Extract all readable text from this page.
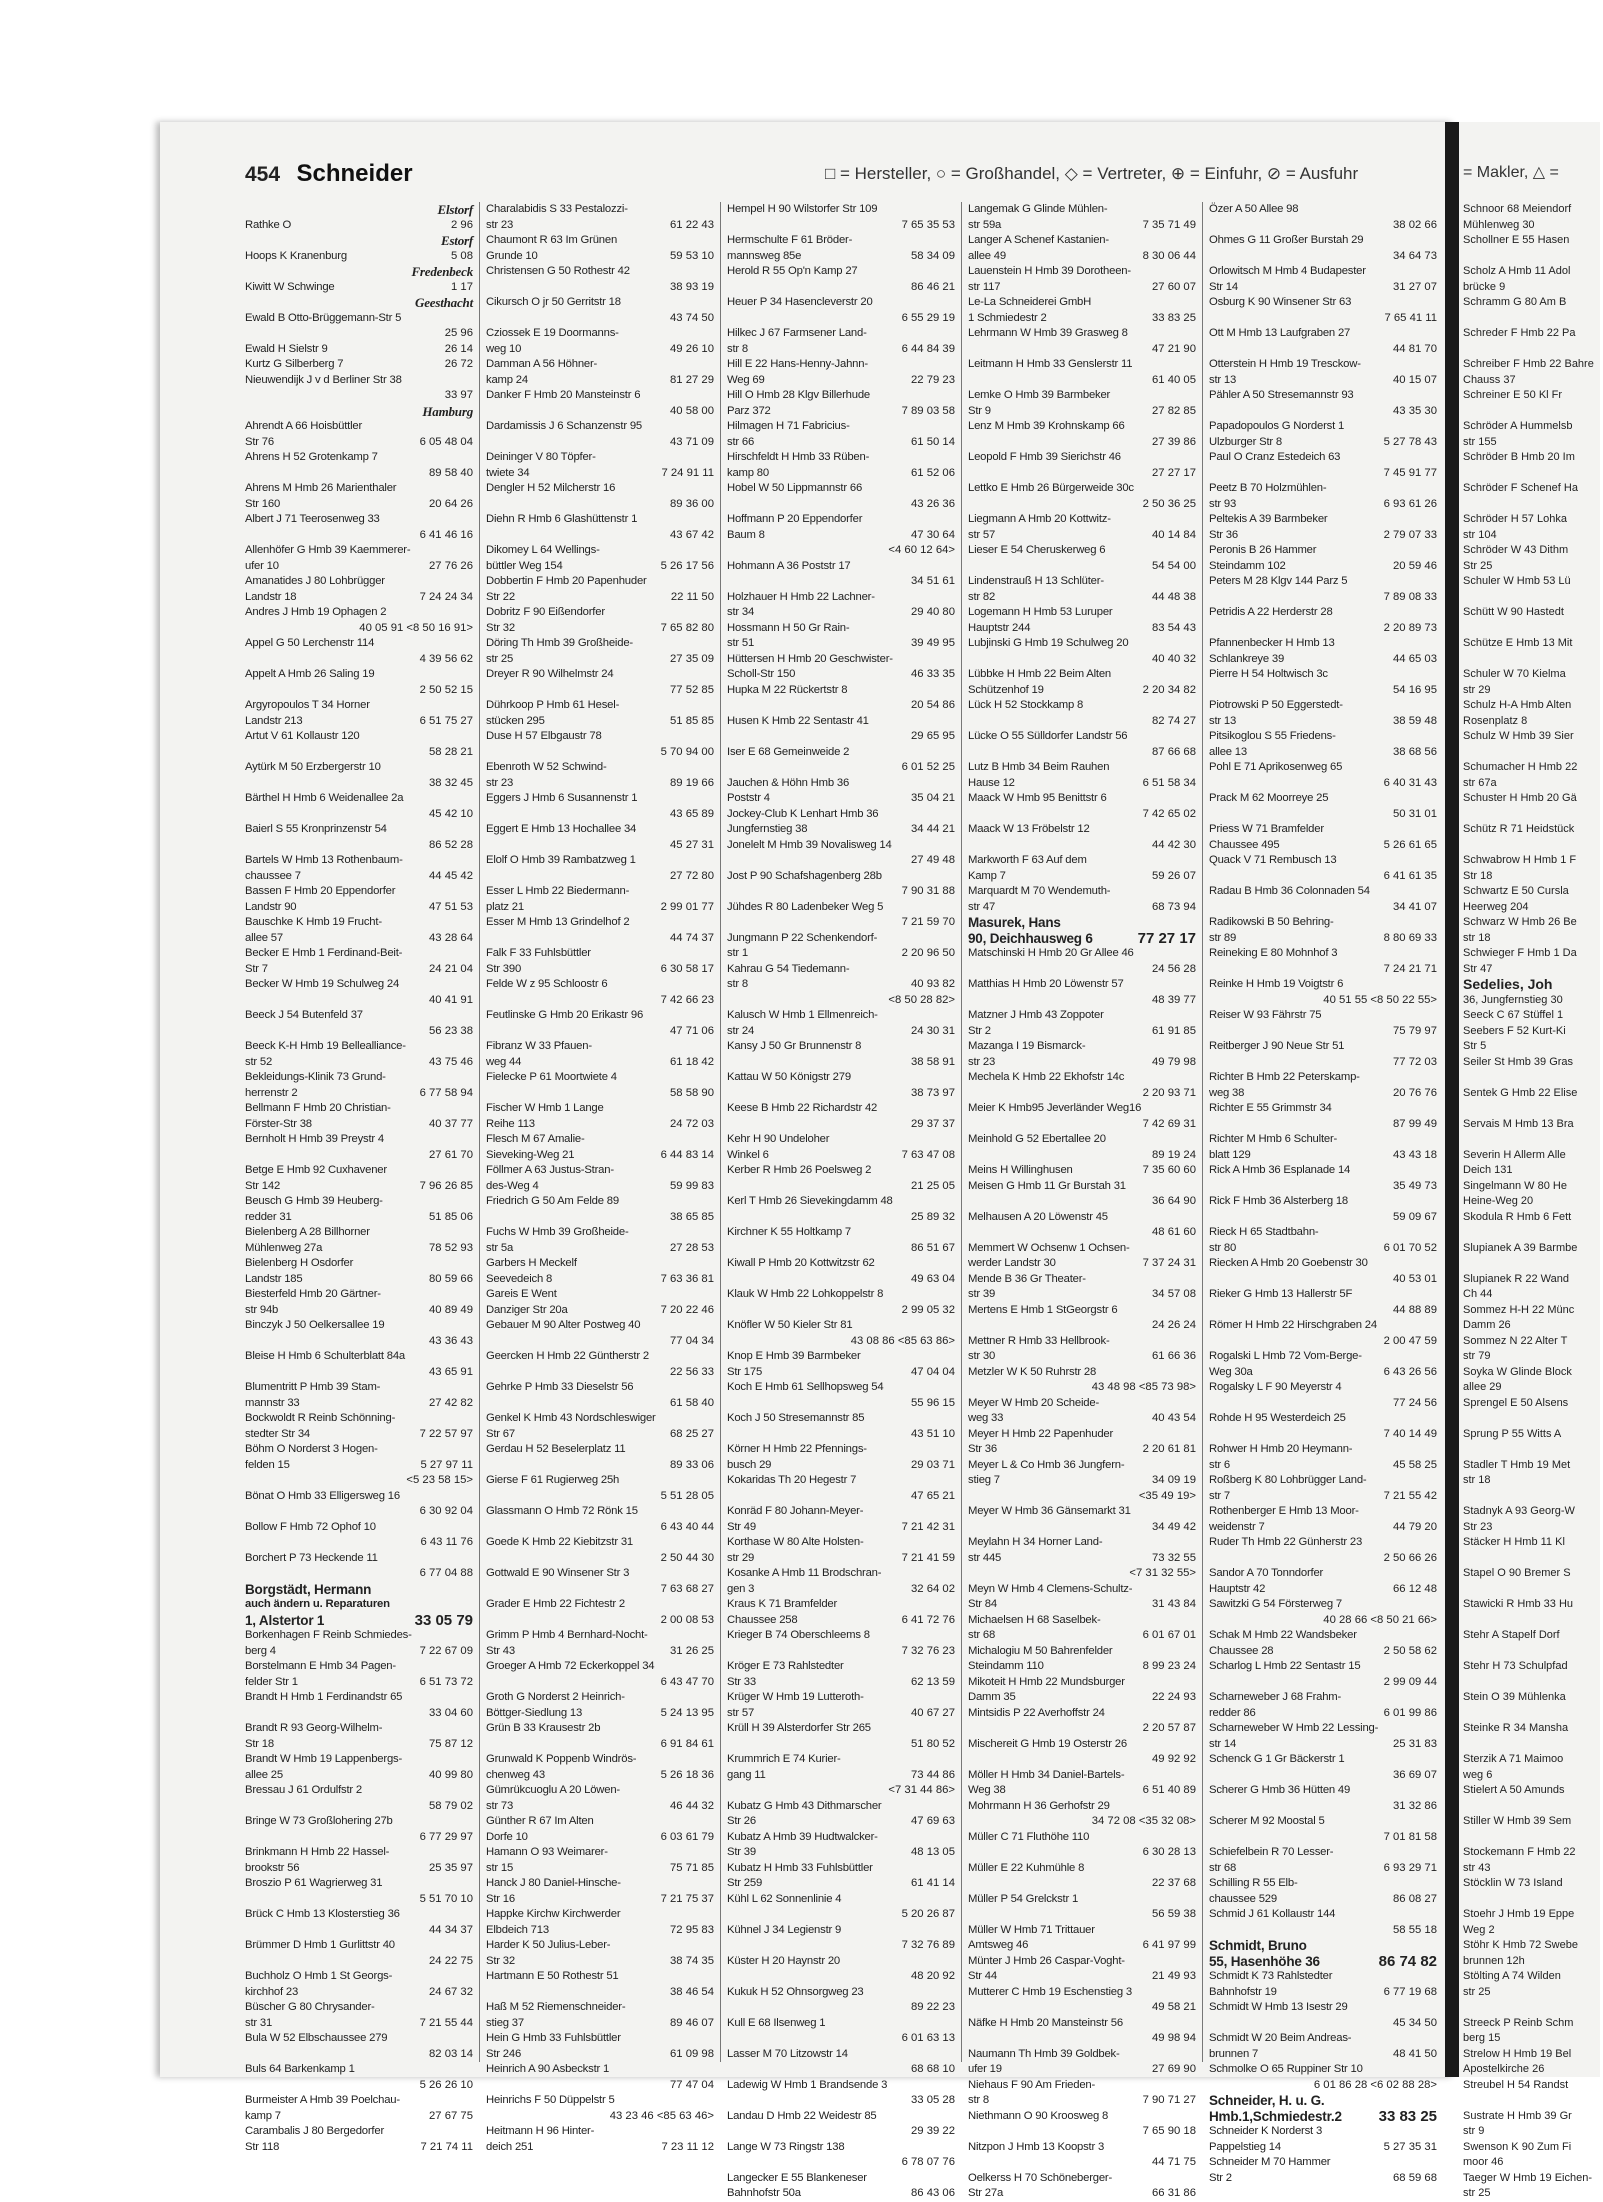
454 Schneider	□ = Hersteller, ○ = Großhandel, ◇ = Vertreter, ⊕ = Einfuhr, ⊘ = Ausfuhr
Elstorf
Rathke O	2 96
Estorf
Hoops K Kranenburg	5 08
Fredenbeck
Kiwitt W Schwinge	1 17
Geesthacht
Ewald B Otto-Brüggemann-Str 5
25 96
Ewald H Sielstr 9	26 14
Kurtz G Silberberg 7	26 72
Nieuwendijk J v d Berliner Str 38
33 97
Hamburg
Ahrendt A 66 Hoisbüttler
Str 76	6 05 48 04
Ahrens H 52 Grotenkamp 7
89 58 40
Ahrens M Hmb 26 Marienthaler
Str 160	20 64 26
Albert J 71 Teerosenweg 33
6 41 46 16
Allenhöfer G Hmb 39 Kaemmerer-
ufer 10	27 76 26
Amanatides J 80 Lohbrügger
Landstr 18	7 24 24 34
Andres J Hmb 19 Ophagen 2
40 05 91 <8 50 16 91>
Appel G 50 Lerchenstr 114
4 39 56 62
Appelt A Hmb 26 Saling 19
2 50 52 15
Argyropoulos T 34 Horner
Landstr 213	6 51 75 27
Artut V 61 Kollaustr 120
58 28 21
Aytürk M 50 Erzbergerstr 10
38 32 45
Bärthel H Hmb 6 Weidenallee 2a
45 42 10
Baierl S 55 Kronprinzenstr 54
86 52 28
Bartels W Hmb 13 Rothenbaum-
chaussee 7	44 45 42
Bassen F Hmb 20 Eppendorfer
Landstr 90	47 51 53
Bauschke K Hmb 19 Frucht-
allee 57	43 28 64
Becker E Hmb 1 Ferdinand-Beit-
Str 7	24 21 04
Becker W Hmb 19 Schulweg 24
40 41 91
Beeck J 54 Butenfeld 37
56 23 38
Beeck K-H Hmb 19 Bellealliance-
str 52	43 75 46
Bekleidungs-Klinik 73 Grund-
herrenstr 2	6 77 58 94
Bellmann F Hmb 20 Christian-
Förster-Str 38	40 37 77
Bernholt H Hmb 39 Preystr 4
27 61 70
Betge E Hmb 92 Cuxhavener
Str 142	7 96 26 85
Beusch G Hmb 39 Heuberg-
redder 31	51 85 06
Bielenberg A 28 Billhorner
Mühlenweg 27a	78 52 93
Bielenberg H Osdorfer
Landstr 185	80 59 66
Biesterfeld Hmb 20 Gärtner-
str 94b	40 89 49
Binczyk J 50 Oelkersallee 19
43 36 43
Bleise H Hmb 6 Schulterblatt 84a
43 65 91
Blumentritt P Hmb 39 Stam-
mannstr 33	27 42 82
Bockwoldt R Reinb Schönning-
stedter Str 34	7 22 57 97
Böhm O Norderst 3 Hogen-
felden 15	5 27 97 11
<5 23 58 15>
Bönat O Hmb 33 Elligersweg 16
6 30 92 04
Bollow F Hmb 72 Ophof 10
6 43 11 76
Borchert P 73 Heckende 11
6 77 04 88
Borgstädt, Hermann
auch ändern u. Reparaturen
1, Alstertor 1	33 05 79
Borkenhagen F Reinb Schmiedes-
berg 4	7 22 67 09
Borstelmann E Hmb 34 Pagen-
felder Str 1	6 51 73 72
Brandt H Hmb 1 Ferdinandstr 65
33 04 60
Brandt R 93 Georg-Wilhelm-
Str 18	75 87 12
Brandt W Hmb 19 Lappenbergs-
allee 25	40 99 80
Bressau J 61 Ordulfstr 2
58 79 02
Bringe W 73 Großlohering 27b
6 77 29 97
Brinkmann H Hmb 22 Hassel-
brookstr 56	25 35 97
Broszio P 61 Wagrierweg 31
5 51 70 10
Brück C Hmb 13 Klosterstieg 36
44 34 37
Brümmer D Hmb 1 Gurlittstr 40
24 22 75
Buchholz O Hmb 1 St Georgs-
kirchhof 23	24 67 32
Büscher G 80 Chrysander-
str 31	7 21 55 44
Bula W 52 Elbschaussee 279
82 03 14
Buls 64 Barkenkamp 1
5 26 26 10
Burmeister A Hmb 39 Poelchau-
kamp 7	27 67 75
Carambalis J 80 Bergedorfer
Str 118	7 21 74 11
Charalabidis S 33 Pestalozzi-
str 23	61 22 43
Chaumont R 63 Im Grünen
Grunde 10	59 53 10
Christensen G 50 Rothestr 42
38 93 19
Cikursch O jr 50 Gerritstr 18
43 74 50
Cziossek E 19 Doormanns-
weg 10	49 26 10
Damman A 56 Höhner-
kamp 24	81 27 29
Danker F Hmb 20 Mansteinstr 6
40 58 00
Dardamissis J 6 Schanzenstr 95
43 71 09
Deininger V 80 Töpfer-
twiete 34	7 24 91 11
Dengler H 52 Milcherstr 16
89 36 00
Diehn R Hmb 6 Glashüttenstr 1
43 67 42
Dikomey L 64 Wellings-
büttler Weg 154	5 26 17 56
Dobbertin F Hmb 20 Papenhuder
Str 22	22 11 50
Dobritz F 90 Eißendorfer
Str 32	7 65 82 80
Döring Th Hmb 39 Großheide-
str 25	27 35 09
Dreyer R 90 Wilhelmstr 24
77 52 85
Dührkoop P Hmb 61 Hesel-
stücken 295	51 85 85
Duse H 57 Elbgaustr 78
5 70 94 00
Ebenroth W 52 Schwind-
str 23	89 19 66
Eggers J Hmb 6 Susannenstr 1
43 65 89
Eggert E Hmb 13 Hochallee 34
45 27 31
Elolf O Hmb 39 Rambatzweg 1
27 72 80
Esser L Hmb 22 Biedermann-
platz 21	2 99 01 77
Esser M Hmb 13 Grindelhof 2
44 74 37
Falk F 33 Fuhlsbüttler
Str 390	6 30 58 17
Felde W z 95 Schloostr 6
7 42 66 23
Feutlinske G Hmb 20 Erikastr 96
47 71 06
Fibranz W 33 Pfauen-
weg 44	61 18 42
Fielecke P 61 Moortwiete 4
58 58 90
Fischer W Hmb 1 Lange
Reihe 113	24 72 03
Flesch M 67 Amalie-
Sieveking-Weg 21	6 44 83 14
Föllmer A 63 Justus-Stran-
des-Weg 4	59 99 83
Friedrich G 50 Am Felde 89
38 65 85
Fuchs W Hmb 39 Großheide-
str 5a	27 28 53
Garbers H Meckelf
Seevedeich 8	7 63 36 81
Gareis E Went
Danziger Str 20a	7 20 22 46
Gebauer M 90 Alter Postweg 40
77 04 34
Geercken H Hmb 22 Güntherstr 2
22 56 33
Gehrke P Hmb 33 Dieselstr 56
61 58 40
Genkel K Hmb 43 Nordschleswiger
Str 67	68 25 27
Gerdau H 52 Beselerplatz 11
89 33 06
Gierse F 61 Rugierweg 25h
5 51 28 05
Glassmann O Hmb 72 Rönk 15
6 43 40 44
Goede K Hmb 22 Kiebitzstr 31
2 50 44 30
Gottwald E 90 Winsener Str 3
7 63 68 27
Grader E Hmb 22 Fichtestr 2
2 00 08 53
Grimm P Hmb 4 Bernhard-Nocht-
Str 43	31 26 25
Groeger A Hmb 72 Eckerkoppel 34
6 43 47 70
Groth G Norderst 2 Heinrich-
Böttger-Siedlung 13	5 24 13 95
Grün B 33 Krausestr 2b
6 91 84 61
Grunwald K Poppenb Windrös-
chenweg 43	5 26 18 36
Gümrükcuoglu A 20 Löwen-
str 73	46 44 32
Günther R 67 Im Alten
Dorfe 10	6 03 61 79
Hamann O 93 Weimarer-
str 15	75 71 85
Hanck J 80 Daniel-Hinsche-
Str 16	7 21 75 37
Happke Kirchw Kirchwerder
Elbdeich 713	72 95 83
Harder K 50 Julius-Leber-
Str 32	38 74 35
Hartmann E 50 Rothestr 51
38 46 54
Haß M 52 Riemenschneider-
stieg 37	89 46 07
Hein G Hmb 33 Fuhlsbüttler
Str 246	61 09 98
Heinrich A 90 Asbeckstr 1
77 47 04
Heinrichs F 50 Düppelstr 5
43 23 46 <85 63 46>
Heitmann H 96 Hinter-
deich 251	7 23 11 12
Hempel H 90 Wilstorfer Str 109
7 65 35 53
Hermschulte F 61 Bröder-
mannsweg 85e	58 34 09
Herold R 55 Op'n Kamp 27
86 46 21
Heuer P 34 Hasencleverstr 20
6 55 29 19
Hilkec J 67 Farmsener Land-
str 8	6 44 84 39
Hill E 22 Hans-Henny-Jahnn-
Weg 69	22 79 23
Hill O Hmb 28 Klgv Billerhude
Parz 372	7 89 03 58
Hilmagen H 71 Fabricius-
str 66	61 50 14
Hirschfeldt H Hmb 33 Rüben-
kamp 80	61 52 06
Hobel W 50 Lippmannstr 66
43 26 36
Hoffmann P 20 Eppendorfer
Baum 8	47 30 64
<4 60 12 64>
Hohmann A 36 Poststr 17
34 51 61
Holzhauer H Hmb 22 Lachner-
str 34	29 40 80
Hossmann H 50 Gr Rain-
str 51	39 49 95
Hüttersen H Hmb 20 Geschwister-
Scholl-Str 150	46 33 35
Hupka M 22 Rückertstr 8
20 54 86
Husen K Hmb 22 Sentastr 41
29 65 95
Iser E 68 Gemeinweide 2
6 01 52 25
Jauchen & Höhn Hmb 36
Poststr 4	35 04 21
Jockey-Club K Lenhart Hmb 36
Jungfernstieg 38	34 44 21
Jonelelt M Hmb 39 Novalisweg 14
27 49 48
Jost P 90 Schafshagenberg 28b
7 90 31 88
Jühdes R 80 Ladenbeker Weg 5
7 21 59 70
Jungmann P 22 Schenkendorf-
str 1	2 20 96 50
Kahrau G 54 Tiedemann-
str 8	40 93 82
<8 50 28 82>
Kalusch W Hmb 1 Ellmenreich-
str 24	24 30 31
Kansy J 50 Gr Brunnenstr 8
38 58 91
Kattau W 50 Königstr 279
38 73 97
Keese B Hmb 22 Richardstr 42
29 37 37
Kehr H 90 Undeloher
Winkel 6	7 63 47 08
Kerber R Hmb 26 Poelsweg 2
21 25 05
Kerl T Hmb 26 Sievekingdamm 48
25 89 32
Kirchner K 55 Holtkamp 7
86 51 67
Kiwall P Hmb 20 Kottwitzstr 62
49 63 04
Klauk W Hmb 22 Lohkoppelstr 8
2 99 05 32
Knöfler W 50 Kieler Str 81
43 08 86 <85 63 86>
Knop E Hmb 39 Barmbeker
Str 175	47 04 04
Koch E Hmb 61 Sellhopsweg 54
55 96 15
Koch J 50 Stresemannstr 85
43 51 10
Körner H Hmb 22 Pfennings-
busch 29	29 03 71
Kokaridas Th 20 Hegestr 7
47 65 21
Konräd F 80 Johann-Meyer-
Str 49	7 21 42 31
Korthase W 80 Alte Holsten-
str 29	7 21 41 59
Kosanke A Hmb 11 Brodschran-
gen 3	32 64 02
Kraus K 71 Bramfelder
Chaussee 258	6 41 72 76
Krieger B 74 Oberschleems 8
7 32 76 23
Kröger E 73 Rahlstedter
Str 33	62 13 59
Krüger W Hmb 19 Lutteroth-
str 57	40 67 27
Krüll H 39 Alsterdorfer Str 265
51 80 52
Krummrich E 74 Kurier-
gang 11	73 44 86
<7 31 44 86>
Kubatz G Hmb 43 Dithmarscher
Str 26	47 69 63
Kubatz A Hmb 39 Hudtwalcker-
Str 39	48 13 05
Kubatz H Hmb 33 Fuhlsbüttler
Str 259	61 41 14
Kühl L 62 Sonnenlinie 4
5 20 26 87
Kühnel J 34 Legienstr 9
7 32 76 89
Küster H 20 Haynstr 20
48 20 92
Kukuk H 52 Ohnsorgweg 23
89 22 23
Kull E 68 Ilsenweg 1
6 01 63 13
Lasser M 70 Litzowstr 14
68 68 10
Ladewig W Hmb 1 Brandsende 3
33 05 28
Landau D Hmb 22 Weidestr 85
29 39 22
Lange W 73 Ringstr 138
6 78 07 76
Langecker E 55 Blankeneser
Bahnhofstr 50a	86 43 06
Langemak G Glinde Mühlen-
str 59a	7 35 71 49
Langer A Schenef Kastanien-
allee 49	8 30 06 44
Lauenstein H Hmb 39 Dorotheen-
str 117	27 60 07
Le-La Schneiderei GmbH
1 Schmiedestr 2	33 83 25
Lehrmann W Hmb 39 Grasweg 8
47 21 90
Leitmann H Hmb 33 Genslerstr 11
61 40 05
Lemke O Hmb 39 Barmbeker
Str 9	27 82 85
Lenz M Hmb 39 Krohnskamp 66
27 39 86
Leopold F Hmb 39 Sierichstr 46
27 27 17
Lettko E Hmb 26 Bürgerweide 30c
2 50 36 25
Liegmann A Hmb 20 Kottwitz-
str 57	40 14 84
Lieser E 54 Cheruskerweg 6
54 54 00
Lindenstrauß H 13 Schlüter-
str 82	44 48 38
Logemann H Hmb 53 Luruper
Hauptstr 244	83 54 43
Lubjinski G Hmb 19 Schulweg 20
40 40 32
Lübbke H Hmb 22 Beim Alten
Schützenhof 19	2 20 34 82
Lück H 52 Stockkamp 8
82 74 27
Lücke O 55 Sülldorfer Landstr 56
87 66 68
Lutz B Hmb 34 Beim Rauhen
Hause 12	6 51 58 34
Maack W Hmb 95 Benittstr 6
7 42 65 02
Maack W 13 Fröbelstr 12
44 42 30
Markworth F 63 Auf dem
Kamp 7	59 26 07
Marquardt M 70 Wendemuth-
str 47	68 73 94
Masurek, Hans
90, Deichhausweg 6	77 27 17
Matschinski H Hmb 20 Gr Allee 46
24 56 28
Matthias H Hmb 20 Löwenstr 57
48 39 77
Matzner J Hmb 43 Zoppoter
Str 2	61 91 85
Mazanga I 19 Bismarck-
str 23	49 79 98
Mechela K Hmb 22 Ekhofstr 14c
2 20 93 71
Meier K Hmb95 Jeverländer Weg16
7 42 69 31
Meinhold G 52 Ebertallee 20
89 19 24
Meins H Willinghusen	7 35 60 60
Meisen G Hmb 11 Gr Burstah 31
36 64 90
Melhausen A 20 Löwenstr 45
48 61 60
Memmert W Ochsenw 1 Ochsen-
werder Landstr 30	7 37 24 31
Mende B 36 Gr Theater-
str 39	34 57 08
Mertens E Hmb 1 StGeorgstr 6
24 26 24
Mettner R Hmb 33 Hellbrook-
str 30	61 66 36
Metzler W K 50 Ruhrstr 28
43 48 98 <85 73 98>
Meyer W Hmb 20 Scheide-
weg 33	40 43 54
Meyer H Hmb 22 Papenhuder
Str 36	2 20 61 81
Meyer L & Co Hmb 36 Jungfern-
stieg 7	34 09 19
<35 49 19>
Meyer W Hmb 36 Gänsemarkt 31
34 49 42
Meylahn H 34 Horner Land-
str 445	73 32 55
<7 31 32 55>
Meyn W Hmb 4 Clemens-Schultz-
Str 84	31 43 84
Michaelsen H 68 Saselbek-
str 68	6 01 67 01
Michalogiu M 50 Bahrenfelder
Steindamm 110	8 99 23 24
Mikoteit H Hmb 22 Mundsburger
Damm 35	22 24 93
Mintsidis P 22 Averhoffstr 24
2 20 57 87
Mischereit G Hmb 19 Osterstr 26
49 92 92
Möller H Hmb 34 Daniel-Bartels-
Weg 38	6 51 40 89
Mohrmann H 36 Gerhofstr 29
34 72 08 <35 32 08>
Müller C 71 Fluthöhe 110
6 30 28 13
Müller E 22 Kuhmühle 8
22 37 68
Müller P 54 Grelckstr 1
56 59 38
Müller W Hmb 71 Trittauer
Amtsweg 46	6 41 97 99
Münter J Hmb 26 Caspar-Voght-
Str 44	21 49 93
Mutterer C Hmb 19 Eschenstieg 3
49 58 21
Näfke H Hmb 20 Mansteinstr 56
49 98 94
Naumann Th Hmb 39 Goldbek-
ufer 19	27 69 90
Niehaus F 90 Am Frieden-
str 8	7 90 71 27
Niethmann O 90 Kroosweg 8
7 65 90 18
Nitzpon J Hmb 13 Koopstr 3
44 71 75
Oelkerss H 70 Schöneberger-
Str 27a	66 31 86
Özer A 50 Allee 98
38 02 66
Ohmes G 11 Großer Burstah 29
34 64 73
Orlowitsch M Hmb 4 Budapester
Str 14	31 27 07
Osburg K 90 Winsener Str 63
7 65 41 11
Ott M Hmb 13 Laufgraben 27
44 81 70
Otterstein H Hmb 19 Tresckow-
str 13	40 15 07
Pähler A 50 Stresemannstr 93
43 35 30
Papadopoulos G Norderst 1
Ulzburger Str 8	5 27 78 43
Paul O Cranz Estedeich 63
7 45 91 77
Peetz B 70 Holzmühlen-
str 93	6 93 61 26
Peltekis A 39 Barmbeker
Str 36	2 79 07 33
Peronis B 26 Hammer
Steindamm 102	20 59 46
Peters M 28 Klgv 144 Parz 5
7 89 08 33
Petridis A 22 Herderstr 28
2 20 89 73
Pfannenbecker H Hmb 13
Schlankreye 39	44 65 03
Pierre H 54 Holtwisch 3c
54 16 95
Piotrowski P 50 Eggerstedt-
str 13	38 59 48
Pitsikoglou S 55 Friedens-
allee 13	38 68 56
Pohl E 71 Aprikosenweg 65
6 40 31 43
Prack M 62 Moorreye 25
50 31 01
Priess W 71 Bramfelder
Chaussee 495	5 26 61 65
Quack V 71 Rembusch 13
6 41 61 35
Radau B Hmb 36 Colonnaden 54
34 41 07
Radikowski B 50 Behring-
str 89	8 80 69 33
Reineking E 80 Mohnhof 3
7 24 21 71
Reinke H Hmb 19 Voigtstr 6
40 51 55 <8 50 22 55>
Reiser W 93 Fährstr 75
75 79 97
Reitberger J 90 Neue Str 51
77 72 03
Richter B Hmb 22 Peterskamp-
weg 38	20 76 76
Richter E 55 Grimmstr 34
87 99 49
Richter M Hmb 6 Schulter-
blatt 129	43 43 18
Rick A Hmb 36 Esplanade 14
35 49 73
Rick F Hmb 36 Alsterberg 18
59 09 67
Rieck H 65 Stadtbahn-
str 80	6 01 70 52
Riecken A Hmb 20 Goebenstr 30
40 53 01
Rieker G Hmb 13 Hallerstr 5F
44 88 89
Römer H Hmb 22 Hirschgraben 24
2 00 47 59
Rogalski L Hmb 72 Vom-Berge-
Weg 30a	6 43 26 56
Rogalsky L F 90 Meyerstr 4
77 24 56
Rohde H 95 Westerdeich 25
7 40 14 49
Rohwer H Hmb 20 Heymann-
str 6	45 58 25
Roßberg K 80 Lohbrügger Land-
str 7	7 21 55 42
Rothenberger E Hmb 13 Moor-
weidenstr 7	44 79 20
Ruder Th Hmb 22 Günherstr 23
2 50 66 26
Sandor A 70 Tonndorfer
Hauptstr 42	66 12 48
Sawitzki G 54 Försterweg 7
40 28 66 <8 50 21 66>
Schak M Hmb 22 Wandsbeker
Chaussee 28	2 50 58 62
Scharlog L Hmb 22 Sentastr 15
2 99 09 44
Scharneweber J 68 Frahm-
redder 86	6 01 99 86
Scharneweber W Hmb 22 Lessing-
str 14	25 31 83
Schenck G 1 Gr Bäckerstr 1
36 69 07
Scherer G Hmb 36 Hütten 49
31 32 86
Scherer M 92 Moostal 5
7 01 81 58
Schiefelbein R 70 Lesser-
str 68	6 93 29 71
Schilling R 55 Elb-
chaussee 529	86 08 27
Schmid J 61 Kollaustr 144
58 55 18
Schmidt, Bruno
55, Hasenhöhe 36	86 74 82
Schmidt K 73 Rahlstedter
Bahnhofstr 19	6 77 19 68
Schmidt W Hmb 13 Isestr 29
45 34 50
Schmidt W 20 Beim Andreas-
brunnen 7	48 41 50
Schmolke O 65 Ruppiner Str 10
6 01 86 28 <6 02 88 28>
Schneider, H. u. G.
Hmb.1,Schmiedestr.2	33 83 25
Schneider K Norderst 3
Pappelstieg 14	5 27 35 31
Schneider M 70 Hammer
Str 2	68 59 68
= Makler, △ =
Schnoor 68 Meiendorf
Mühlenweg 30
Schollner E 55 Hasen
Scholz A Hmb 11 Adol
brücke 9
Schramm G 80 Am B
Schreder F Hmb 22 Pa
Schreiber F Hmb 22 Bahre
Chauss 37
Schreiner E 50 Kl Fr
Schröder A Hummelsb
str 155
Schröder B Hmb 20 Im
Schröder F Schenef Ha
Schröder H 57 Lohka
str 104
Schröder W 43 Dithm
Str 25
Schuler W Hmb 53 Lü
Schütt W 90 Hastedt
Schütze E Hmb 13 Mit
Schuler W 70 Kielma
str 29
Schulz H-A Hmb Alten
Rosenplatz 8
Schulz W Hmb 39 Sier
Schumacher H Hmb 22
str 67a
Schuster H Hmb 20 Gä
Schütz R 71 Heidstück
Schwabrow H Hmb 1 F
Str 18
Schwartz E 50 Cursla
Heerweg 204
Schwarz W Hmb 26 Be
str 18
Schwieger F Hmb 1 Da
Str 47
Sedelies, Joh
36, Jungfernstieg 30
Seeck C 67 Stüffel 1
Seebers F 52 Kurt-Ki
Str 5
Seiler St Hmb 39 Gras
Sentek G Hmb 22 Elise
Servais M Hmb 13 Bra
Severin H Allerm Alle
Deich 131
Singelmann W 80 He
Heine-Weg 20
Skodula R Hmb 6 Fett
Slupianek A 39 Barmbe
Slupianek R 22 Wand
Ch 44
Sommez H-H 22 Münc
Damm 26
Sommez N 22 Alter T
str 79
Soyka W Glinde Block
allee 29
Sprengel E 50 Alsens
Sprung P 55 Witts A
Stadler T Hmb 19 Met
str 18
Stadnyk A 93 Georg-W
Str 23
Stäcker H Hmb 11 Kl
Stapel O 90 Bremer S
Stawicki R Hmb 33 Hu
Stehr A Stapelf Dorf
Stehr H 73 Schulpfad
Stein O 39 Mühlenka
Steinke R 34 Mansha
Sterzik A 71 Maimoo
weg 6
Stielert A 50 Amunds
Stiller W Hmb 39 Sem
Stockemann F Hmb 22
str 43
Stöcklin W 73 Island
Stoehr J Hmb 19 Eppe
Weg 2
Stöhr K Hmb 72 Swebe
brunnen 12h
Stölting A 74 Wilden
str 25
Streeck P Reinb Schm
berg 15
Strelow H Hmb 19 Bel
Apostelkirche 26
Streubel H 54 Randst
Sustrate H Hmb 39 Gr
str 9
Swenson K 90 Zum Fi
moor 46
Taeger W Hmb 19 Eichen-
str 25
